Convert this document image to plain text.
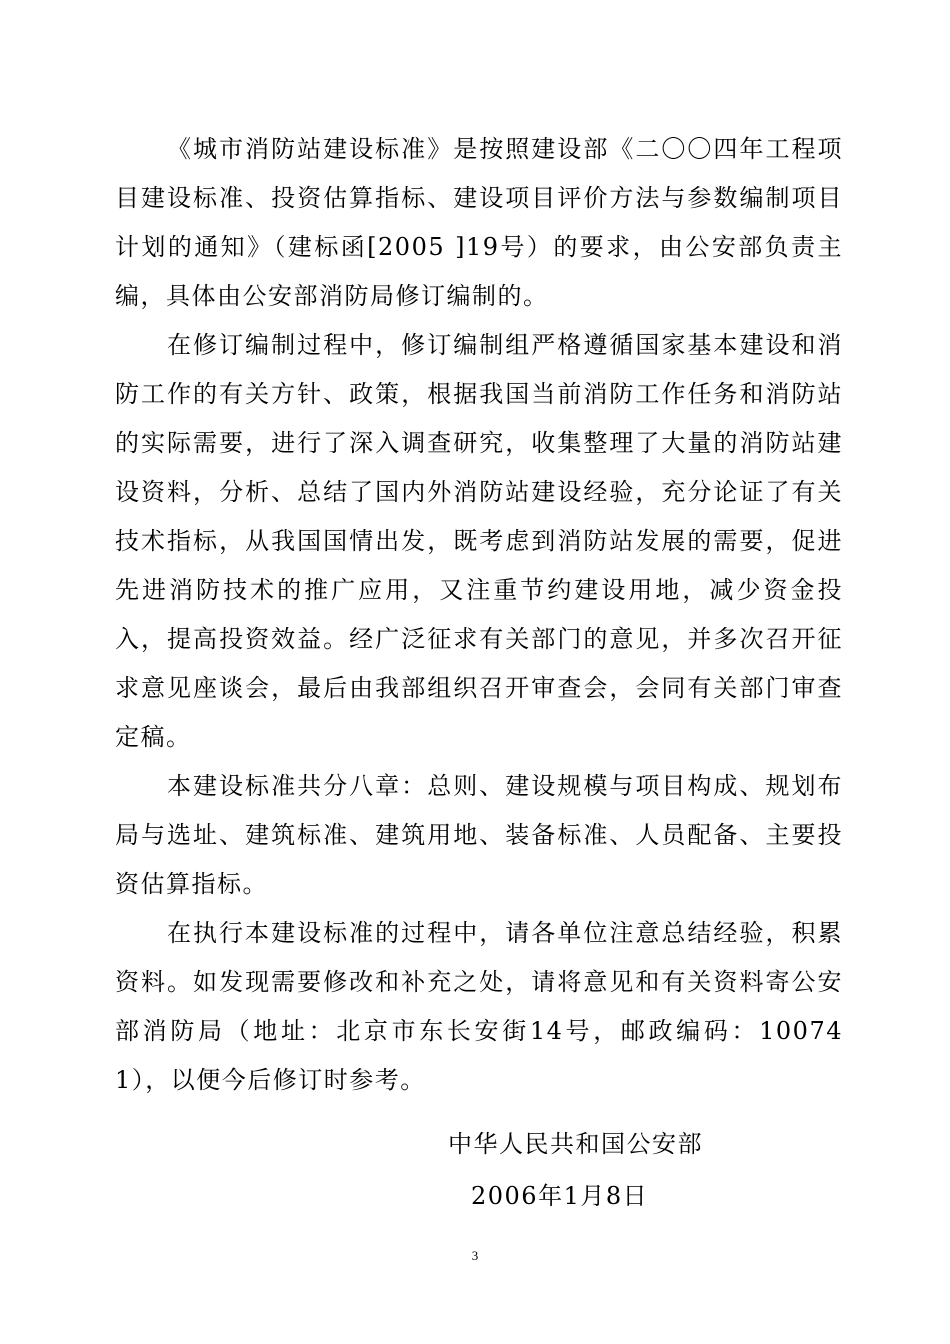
《城市消防站建设标准》是按照建设部《二〇〇四年工程项目建设标准、投资估算指标、建设项目评价方法与参数编制项目计划的通知》（建标函[2005 ]19号）的要求，由公安部负责主编，具体由公安部消防局修订编制的。

在修订编制过程中，修订编制组严格遵循国家基本建设和消防工作的有关方针、政策，根据我国当前消防工作任务和消防站的实际需要，进行了深入调查研究，收集整理了大量的消防站建设资料，分析、总结了国内外消防站建设经验，充分论证了有关技术指标，从我国国情出发，既考虑到消防站发展的需要，促进先进消防技术的推广应用，又注重节约建设用地，减少资金投入，提高投资效益。经广泛征求有关部门的意见，并多次召开征求意见座谈会，最后由我部组织召开审查会，会同有关部门审查定稿。

本建设标准共分八章：总则、建设规模与项目构成、规划布局与选址、建筑标准、建筑用地、装备标准、人员配备、主要投资估算指标。

在执行本建设标准的过程中，请各单位注意总结经验，积累资料。如发现需要修改和补充之处，请将意见和有关资料寄公安部消防局（地址：北京市东长安街14号，邮政编码：100741），以便今后修订时参考。

中华人民共和国公安部
2006年1月8日
3
